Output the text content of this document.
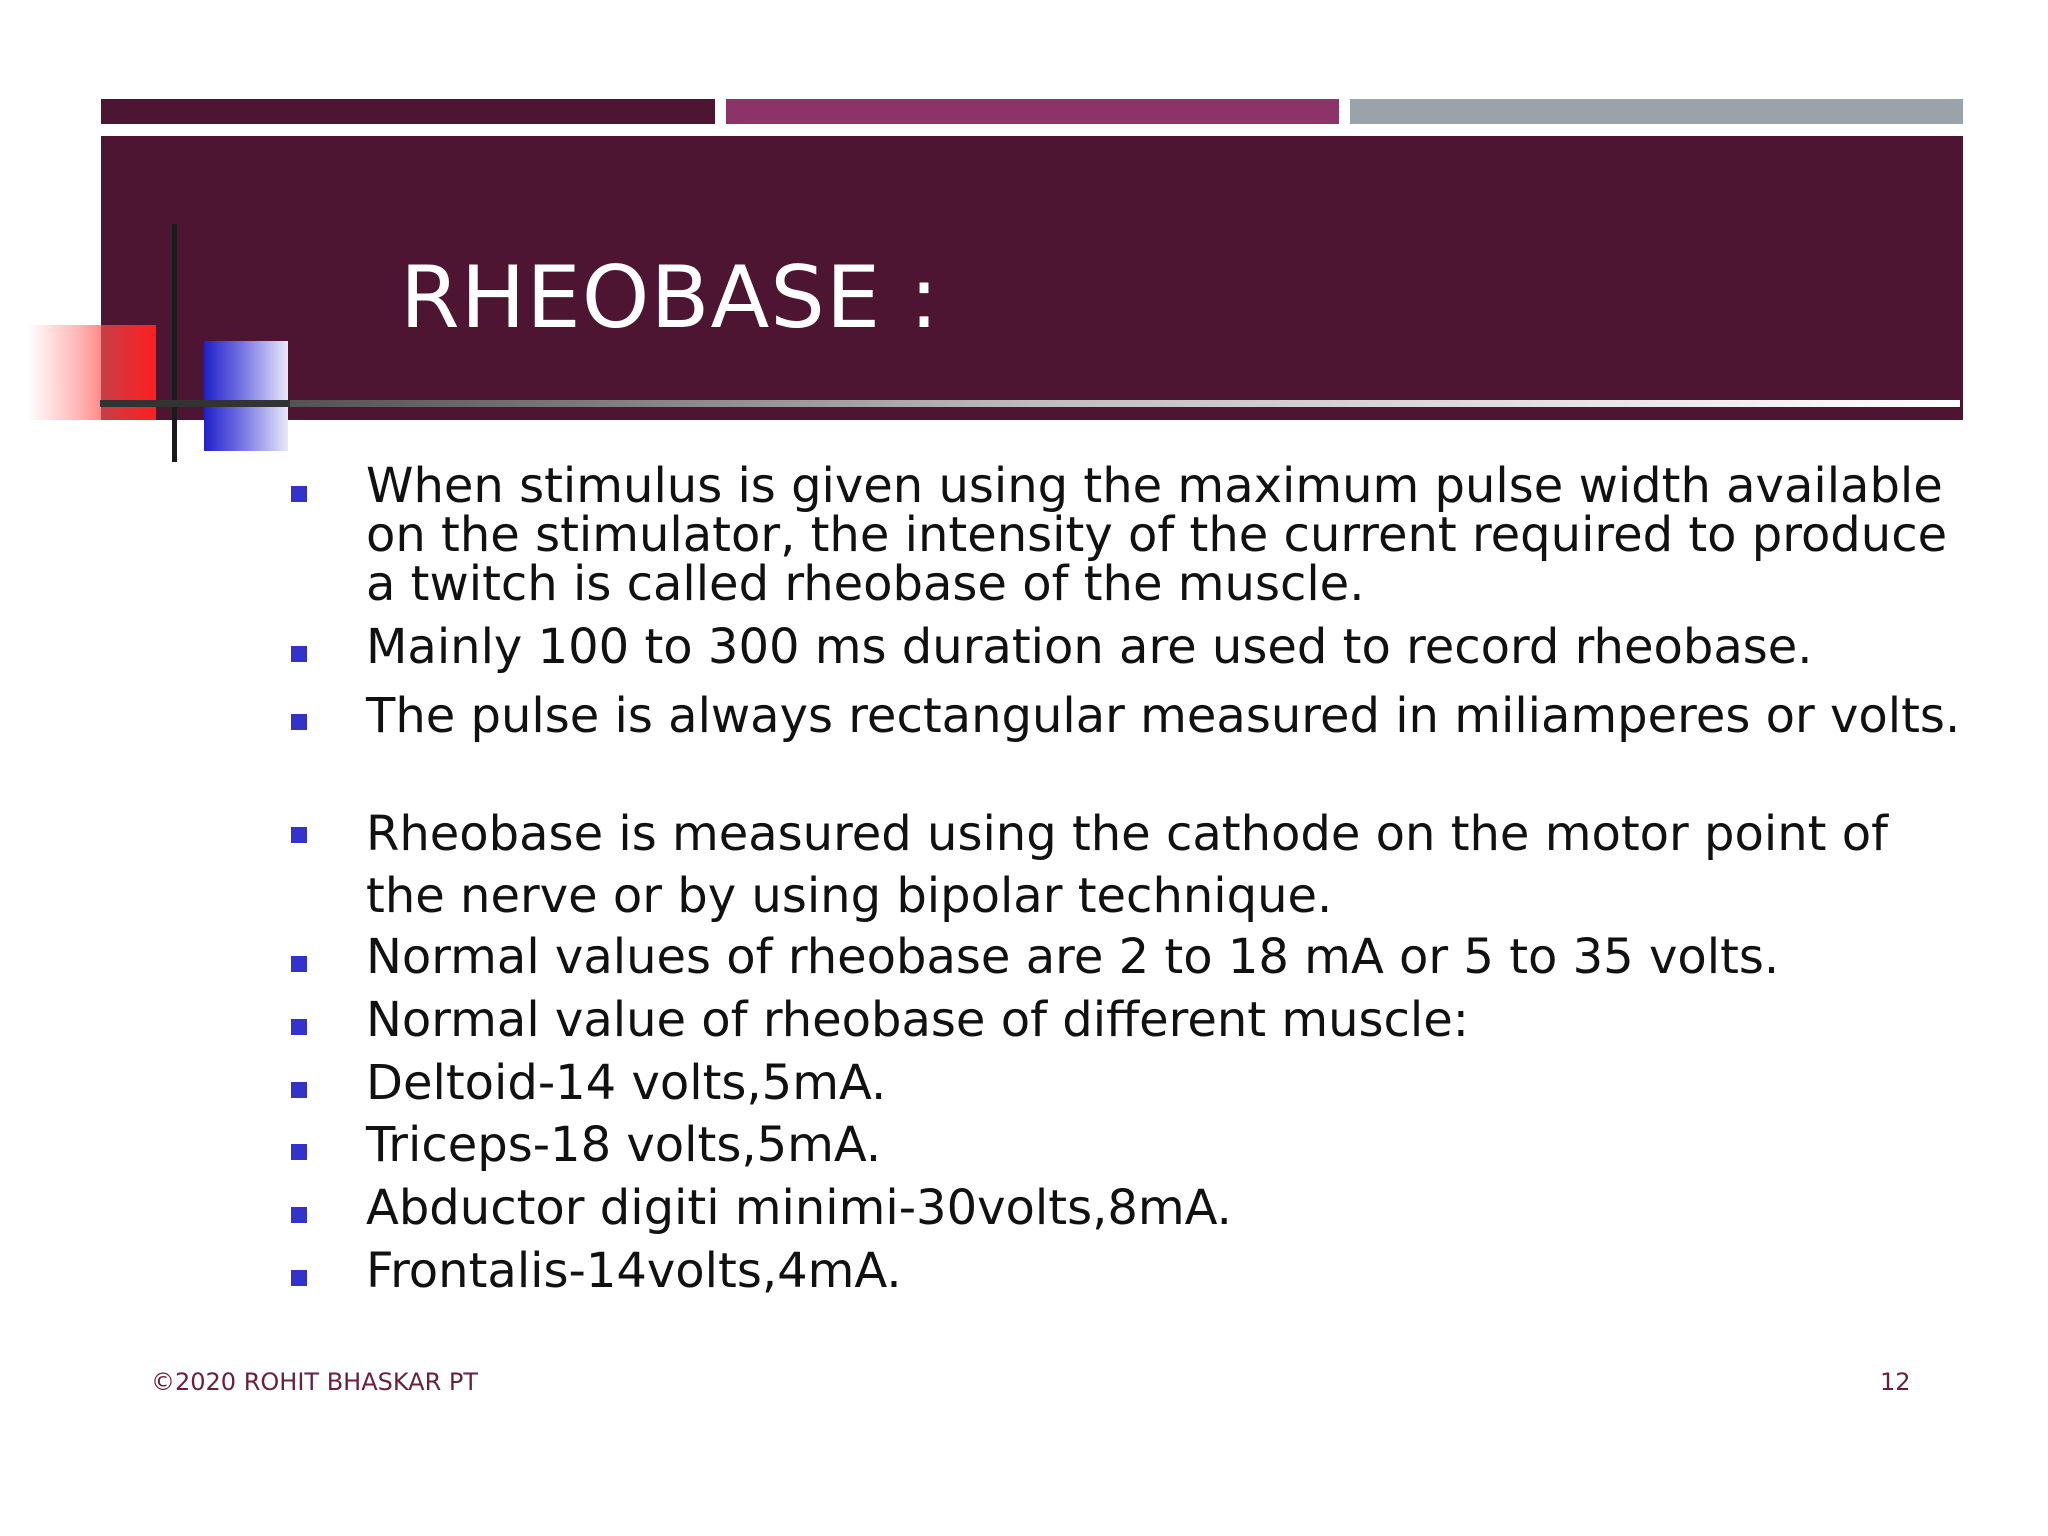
RHEOBASE :
When stimulus is given using the maximum pulse width available on the stimulator, the intensity of the current required to produce a twitch is called rheobase of the muscle.
Mainly 100 to 300 ms duration are used to record rheobase.
The pulse is always rectangular measured in miliamperes or volts.
Rheobase is measured using the cathode on the motor point of the nerve or by using bipolar technique.
Normal values of rheobase are 2 to 18 mA or 5 to 35 volts.
Normal value of rheobase of different muscle:
Deltoid-14 volts,5mA.
Triceps-18 volts,5mA.
Abductor digiti minimi-30volts,8mA.
Frontalis-14volts,4mA.
©2020 ROHIT BHASKAR PT	12
